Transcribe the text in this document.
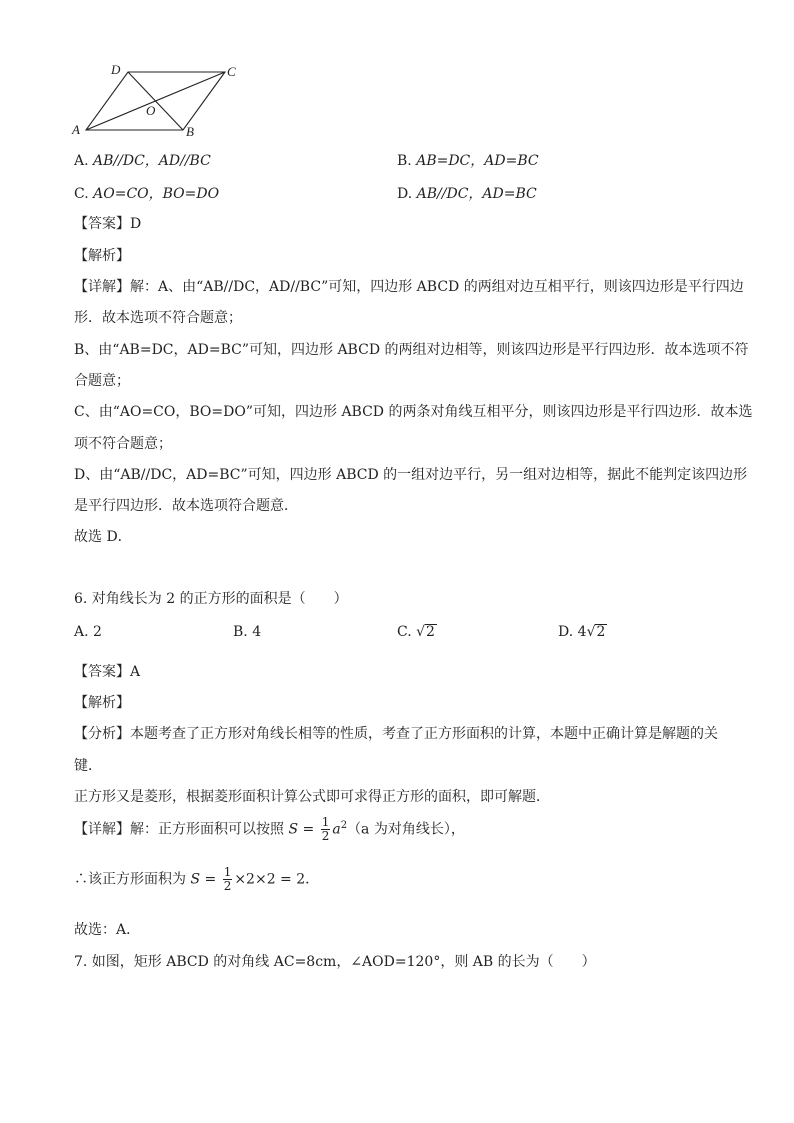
D	C
O
A	B
A. AB//DC，AD//BC	B. AB=DC，AD=BC
C. AO=CO，BO=DO	D. AB//DC，AD=BC
【答案】D
【解析】
【详解】解：A、由“AB//DC，AD//BC”可知，四边形 ABCD 的两组对边互相平行，则该四边形是平行四边
形．故本选项不符合题意；
B、由“AB=DC，AD=BC”可知，四边形 ABCD 的两组对边相等，则该四边形是平行四边形．故本选项不符
合题意；
C、由“AO=CO，BO=DO”可知，四边形 ABCD 的两条对角线互相平分，则该四边形是平行四边形．故本选
项不符合题意；
D、由“AB//DC，AD=BC”可知，四边形 ABCD 的一组对边平行，另一组对边相等，据此不能判定该四边形
是平行四边形．故本选项符合题意．
故选 D．
6. 对角线长为 2 的正方形的面积是（　　）
A. 2	B. 4	C. √2	D. 4√2
【答案】A
【解析】
【分析】本题考查了正方形对角线长相等的性质，考查了正方形面积的计算，本题中正确计算是解题的关
键．
正方形又是菱形，根据菱形面积计算公式即可求得正方形的面积，即可解题．
【详解】解：正方形面积可以按照 $S = \frac{1}{2} a^2(a$ 为对角线长），
∴该正方形面积为 $S = \frac{1}{2} \times 2\times 2 = 2$．
故选：A．
7. 如图，矩形 ABCD 的对角线 AC=8cm，∠AOD=120°，则 AB 的长为（　　）
